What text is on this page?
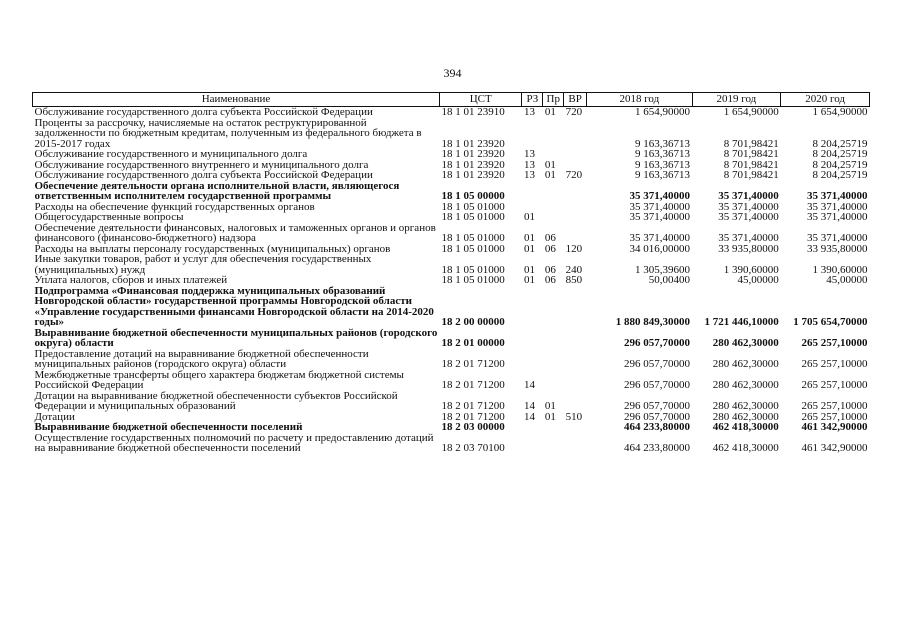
394
Наименование	ЦСТ	РЗ	Пр	ВР	2018 год	2019 год	2020 год
Обслуживание государственного долга субъекта Российской Федерации	18 1 01 23910	13	01	720	1 654,90000	1 654,90000	1 654,90000
Проценты за рассрочку, начисляемые на остаток реструктурированной задолженности по бюджетным кредитам, полученным из федерального бюджета в 2015-2017 годах	18 1 01 23920				9 163,36713	8 701,98421	8 204,25719
Обслуживание государственного и муниципального долга	18 1 01 23920	13			9 163,36713	8 701,98421	8 204,25719
Обслуживание государственного внутреннего и муниципального долга	18 1 01 23920	13	01		9 163,36713	8 701,98421	8 204,25719
Обслуживание государственного долга субъекта Российской Федерации	18 1 01 23920	13	01	720	9 163,36713	8 701,98421	8 204,25719
Обеспечение деятельности органа исполнительной власти, являющегося ответственным исполнителем государственной программы	18 1 05 00000				35 371,40000	35 371,40000	35 371,40000
Расходы на обеспечение функций государственных органов	18 1 05 01000				35 371,40000	35 371,40000	35 371,40000
Общегосударственные вопросы	18 1 05 01000	01			35 371,40000	35 371,40000	35 371,40000
Обеспечение деятельности финансовых, налоговых и таможенных органов и органов финансового (финансово-бюджетного) надзора	18 1 05 01000	01	06		35 371,40000	35 371,40000	35 371,40000
Расходы на выплаты персоналу государственных (муниципальных) органов	18 1 05 01000	01	06	120	34 016,00000	33 935,80000	33 935,80000
Иные закупки товаров, работ и услуг для обеспечения государственных (муниципальных) нужд	18 1 05 01000	01	06	240	1 305,39600	1 390,60000	1 390,60000
Уплата налогов, сборов и иных платежей	18 1 05 01000	01	06	850	50,00400	45,00000	45,00000
Подпрограмма «Финансовая поддержка муниципальных образований Новгородской области» государственной программы Новгородской области «Управление государственными финансами Новгородской области на 2014-2020 годы»	18 2 00 00000				1 880 849,30000	1 721 446,10000	1 705 654,70000
Выравнивание бюджетной обеспеченности муниципальных районов (городского округа) области	18 2 01 00000				296 057,70000	280 462,30000	265 257,10000
Предоставление дотаций на выравнивание бюджетной обеспеченности муниципальных районов (городского округа) области	18 2 01 71200				296 057,70000	280 462,30000	265 257,10000
Межбюджетные трансферты общего характера бюджетам бюджетной системы Российской Федерации	18 2 01 71200	14			296 057,70000	280 462,30000	265 257,10000
Дотации на выравнивание бюджетной обеспеченности субъектов Российской Федерации и муниципальных образований	18 2 01 71200	14	01		296 057,70000	280 462,30000	265 257,10000
Дотации	18 2 01 71200	14	01	510	296 057,70000	280 462,30000	265 257,10000
Выравнивание бюджетной обеспеченности поселений	18 2 03 00000				464 233,80000	462 418,30000	461 342,90000
Осуществление государственных полномочий по расчету и предоставлению дотаций на выравнивание бюджетной обеспеченности поселений	18 2 03 70100				464 233,80000	462 418,30000	461 342,90000
